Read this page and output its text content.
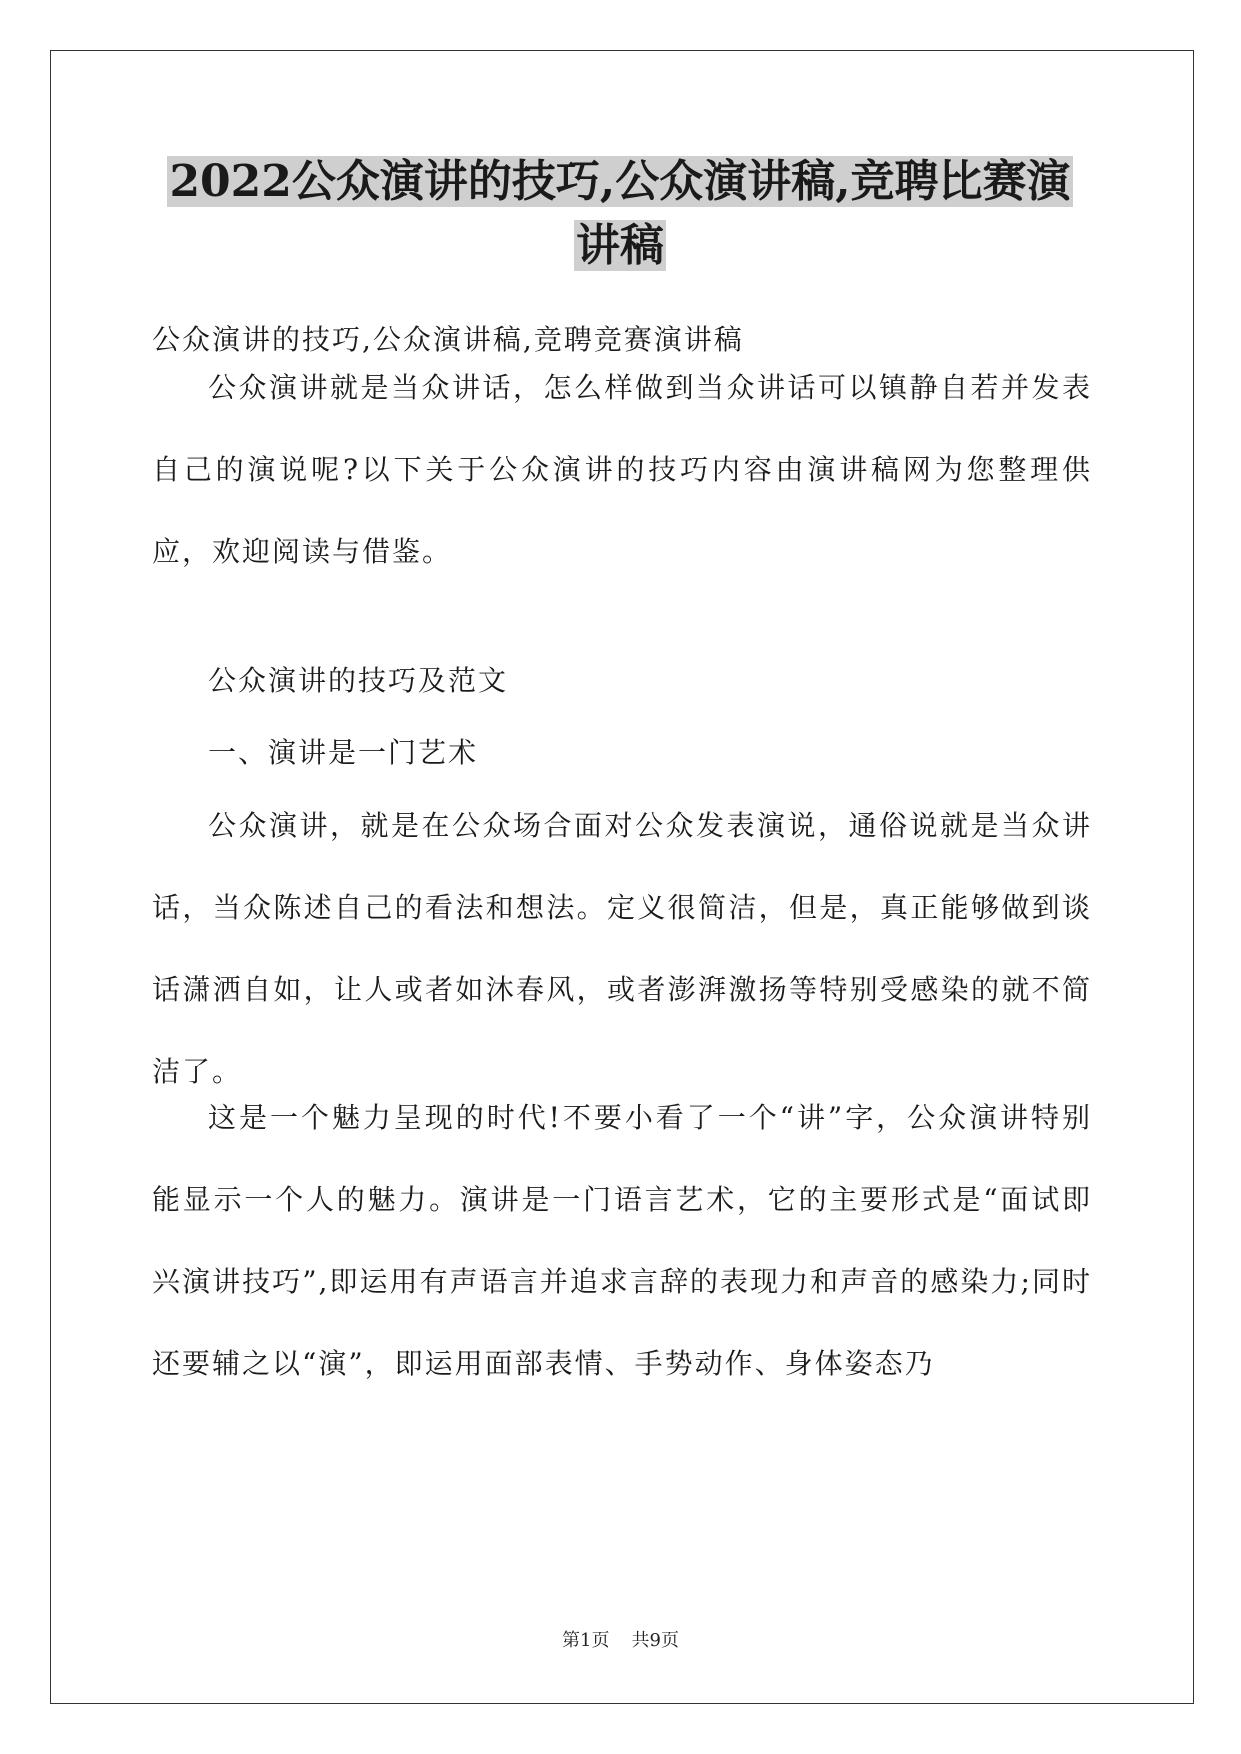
2022公众演讲的技巧,公众演讲稿,竞聘比赛演
讲稿
公众演讲的技巧,公众演讲稿,竞聘竞赛演讲稿
公众演讲就是当众讲话，怎么样做到当众讲话可以镇静自若并发表自己的演说呢?以下关于公众演讲的技巧内容由演讲稿网为您整理供应，欢迎阅读与借鉴。
公众演讲的技巧及范文
一、演讲是一门艺术
公众演讲，就是在公众场合面对公众发表演说，通俗说就是当众讲话，当众陈述自己的看法和想法。定义很简洁，但是，真正能够做到谈话潇洒自如，让人或者如沐春风，或者澎湃激扬等特别受感染的就不简洁了。
这是一个魅力呈现的时代!不要小看了一个“讲”字，公众演讲特别能显示一个人的魅力。演讲是一门语言艺术，它的主要形式是“面试即兴演讲技巧”,即运用有声语言并追求言辞的表现力和声音的感染力;同时还要辅之以“演”，即运用面部表情、手势动作、身体姿态乃
第1页 共9页
